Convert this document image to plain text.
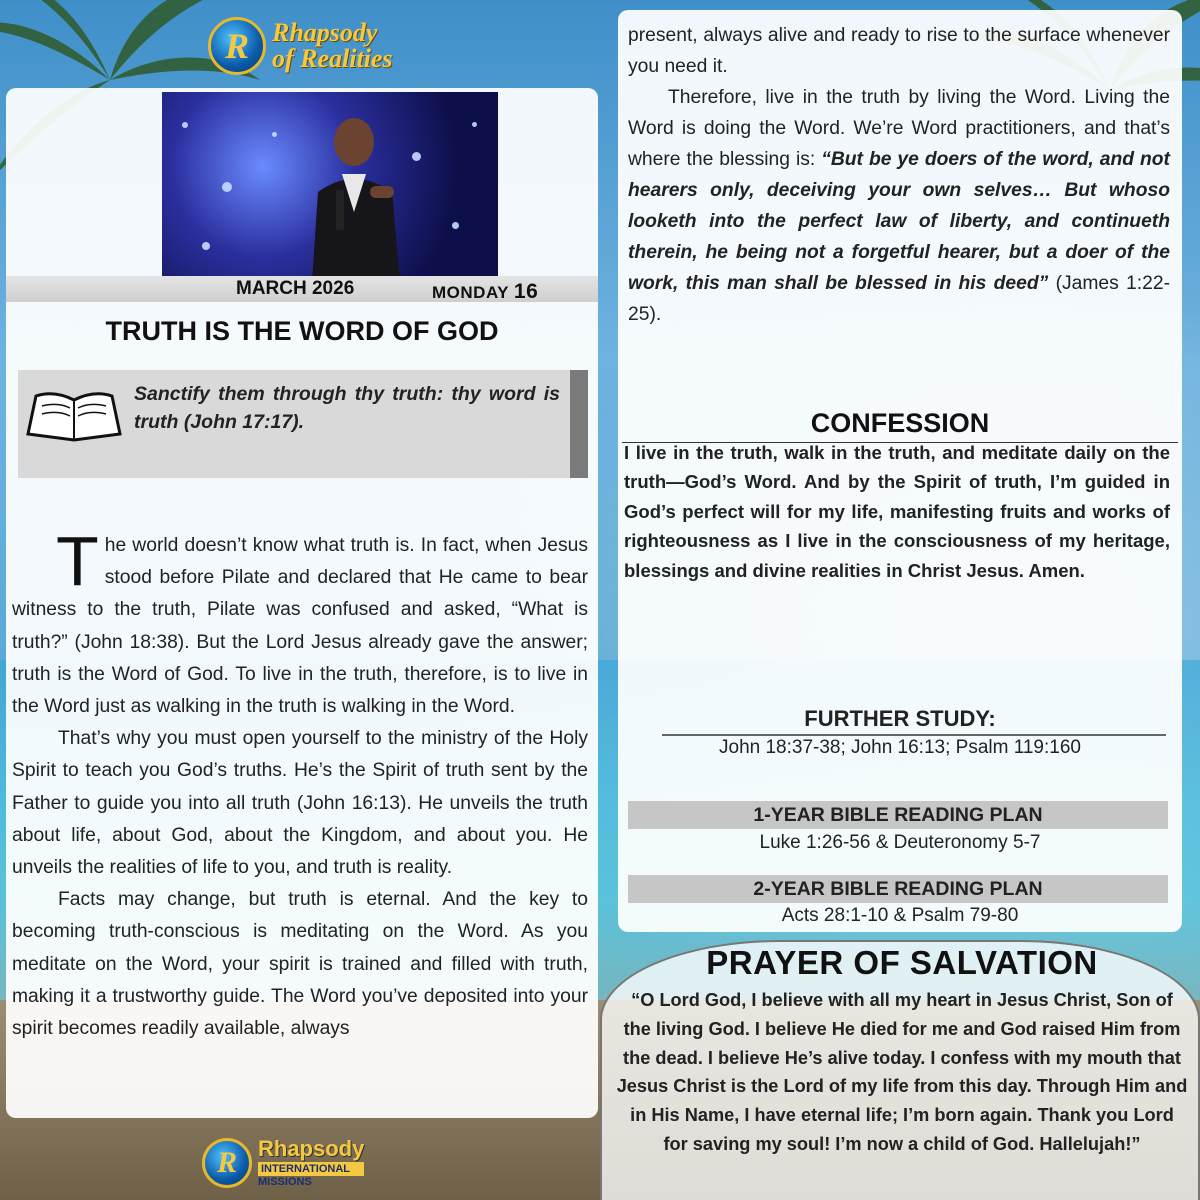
R Rhapsody
of Realities
MARCH 2026	MONDAY 16
TRUTH IS THE WORD OF GOD
Sanctify them through thy truth: thy word is truth (John 17:17).

The world doesn’t know what truth is. In fact, when Jesus stood before Pilate and declared that He came to bear witness to the truth, Pilate was confused and asked, “What is truth?” (John 18:38). But the Lord Jesus already gave the answer; truth is the Word of God. To live in the truth, therefore, is to live in the Word just as walking in the truth is walking in the Word.

That’s why you must open yourself to the ministry of the Holy Spirit to teach you God’s truths. He’s the Spirit of truth sent by the Father to guide you into all truth (John 16:13). He unveils the truth about life, about God, about the Kingdom, and about you. He unveils the realities of life to you, and truth is reality.

Facts may change, but truth is eternal. And the key to becoming truth-conscious is meditating on the Word. As you meditate on the Word, your spirit is trained and filled with truth, making it a trustworthy guide. The Word you’ve deposited into your spirit becomes readily available, always

R Rhapsody
INTERNATIONAL
MISSIONS

present, always alive and ready to rise to the surface whenever you need it.

Therefore, live in the truth by living the Word. Living the Word is doing the Word. We’re Word practitioners, and that’s where the blessing is: “But be ye doers of the word, and not hearers only, deceiving your own selves… But whoso looketh into the perfect law of liberty, and continueth therein, he being not a forgetful hearer, but a doer of the work, this man shall be blessed in his deed” (James 1:22-25).

CONFESSION
I live in the truth, walk in the truth, and meditate daily on the truth—God’s Word. And by the Spirit of truth, I’m guided in God’s perfect will for my life, manifesting fruits and works of righteousness as I live in the consciousness of my heritage, blessings and divine realities in Christ Jesus. Amen.
FURTHER STUDY:
John 18:37-38; John 16:13; Psalm 119:160
1-YEAR BIBLE READING PLAN
Luke 1:26-56 & Deuteronomy 5-7
2-YEAR BIBLE READING PLAN
Acts 28:1-10 & Psalm 79-80
PRAYER OF SALVATION
“O Lord God, I believe with all my heart in Jesus Christ, Son of the living God. I believe He died for me and God raised Him from the dead. I believe He’s alive today. I confess with my mouth that Jesus Christ is the Lord of my life from this day. Through Him and in His Name, I have eternal life; I’m born again. Thank you Lord for saving my soul! I’m now a child of God. Hallelujah!”
